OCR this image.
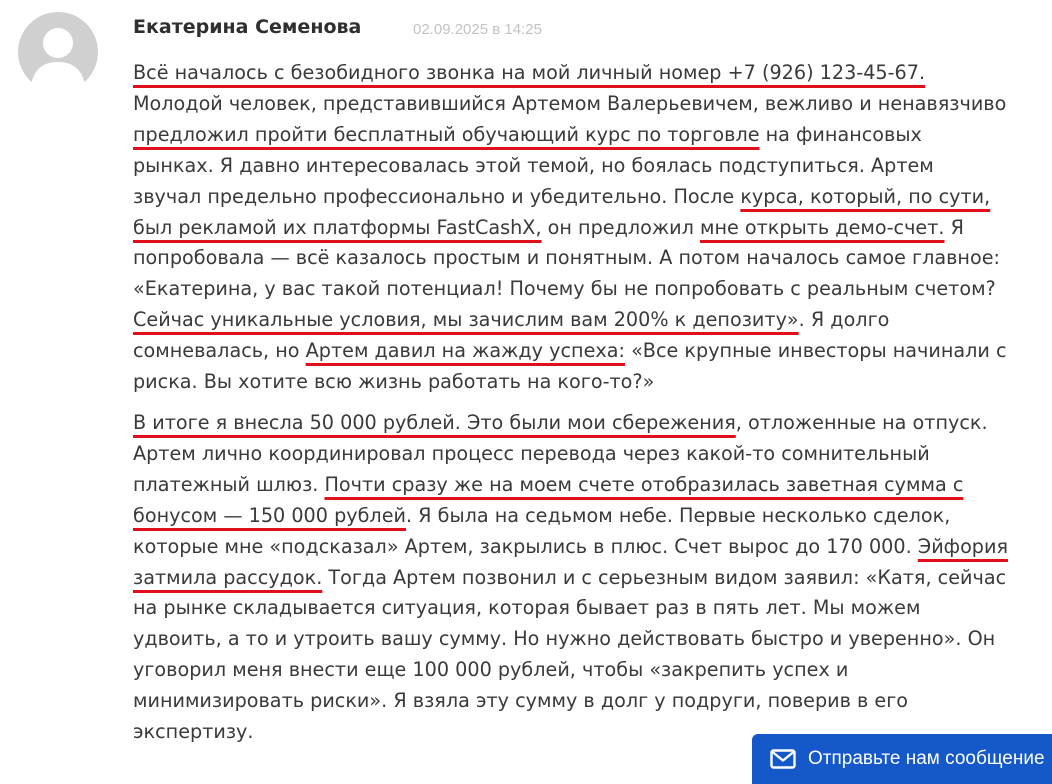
Екатерина Семенова	02.09.2025 в 14:25

Всё началось с безобидного звонка на мой личный номер +7 (926) 123-45-67. Молодой человек, представившийся Артемом Валерьевичем, вежливо и ненавязчиво предложил пройти бесплатный обучающий курс по торговле на финансовых рынках. Я давно интересовалась этой темой, но боялась подступиться. Артем звучал предельно профессионально и убедительно. После курса, который, по сути, был рекламой их платформы FastCashX, он предложил мне открыть демо-счет. Я попробовала — всё казалось простым и понятным. А потом началось самое главное: «Екатерина, у вас такой потенциал! Почему бы не попробовать с реальным счетом? Сейчас уникальные условия, мы зачислим вам 200% к депозиту». Я долго сомневалась, но Артем давил на жажду успеха: «Все крупные инвесторы начинали с риска. Вы хотите всю жизнь работать на кого-то?»

В итоге я внесла 50 000 рублей. Это были мои сбережения, отложенные на отпуск. Артем лично координировал процесс перевода через какой-то сомнительный платежный шлюз. Почти сразу же на моем счете отобразилась заветная сумма с бонусом — 150 000 рублей. Я была на седьмом небе. Первые несколько сделок, которые мне «подсказал» Артем, закрылись в плюс. Счет вырос до 170 000. Эйфория затмила рассудок. Тогда Артем позвонил и с серьезным видом заявил: «Катя, сейчас на рынке складывается ситуация, которая бывает раз в пять лет. Мы можем удвоить, а то и утроить вашу сумму. Но нужно действовать быстро и уверенно». Он уговорил меня внести еще 100 000 рублей, чтобы «закрепить успех и минимизировать риски». Я взяла эту сумму в долг у подруги, поверив в его экспертизу.

Отправьте нам сообщение
